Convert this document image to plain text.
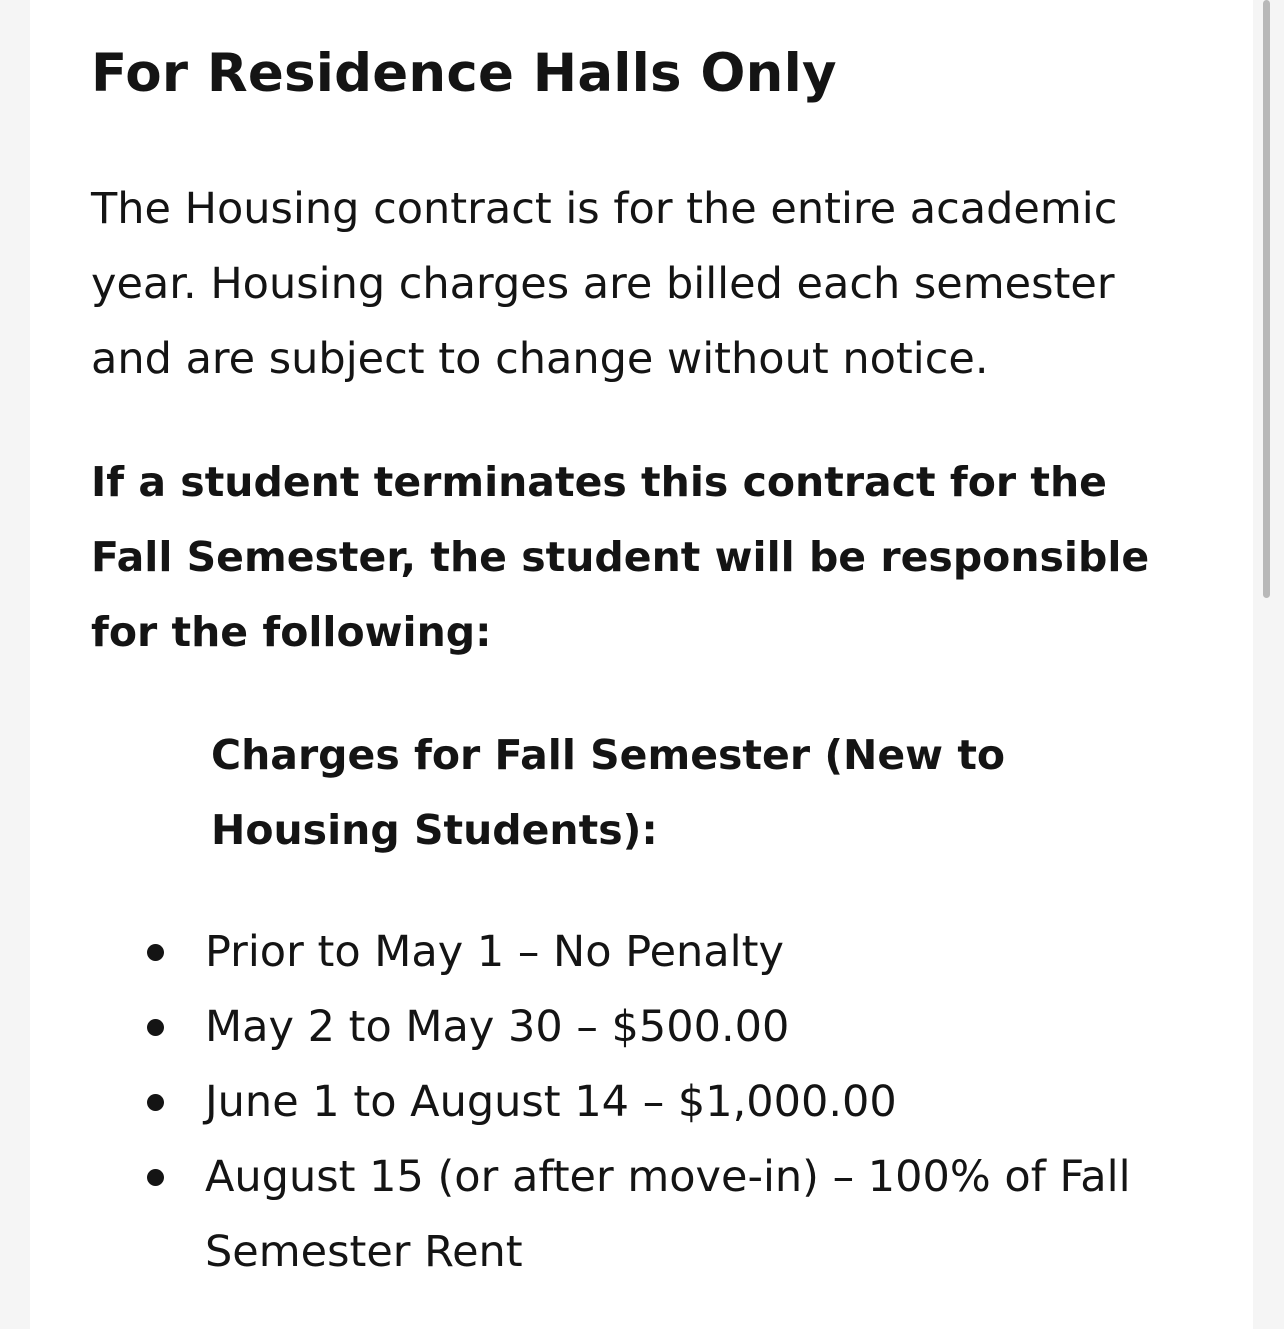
For Residence Halls Only

The Housing contract is for the entire academic year. Housing charges are billed each semester and are subject to change without notice.

If a student terminates this contract for the Fall Semester, the student will be responsible for the following:

Charges for Fall Semester (New to Housing Students):

Prior to May 1 – No Penalty
May 2 to May 30 – $500.00
June 1 to August 14 – $1,000.00
August 15 (or after move-in) – 100% of Fall Semester Rent
